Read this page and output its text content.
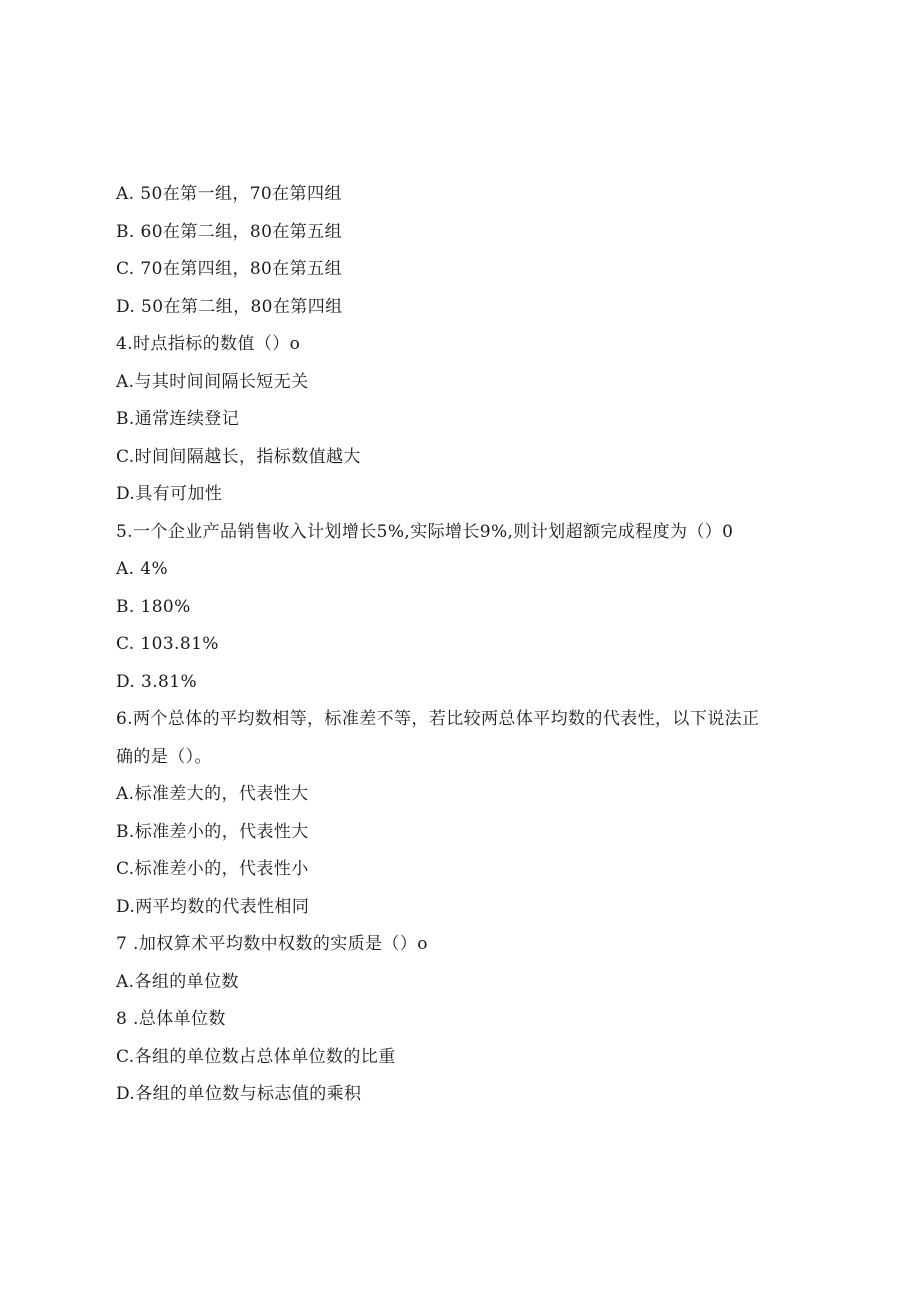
A. 50在第一组，70在第四组
B. 60在第二组，80在第五组
C. 70在第四组，80在第五组
D. 50在第二组，80在第四组
4.时点指标的数值（）o
A.与其时间间隔长短无关
B.通常连续登记
C.时间间隔越长，指标数值越大
D.具有可加性
5.一个企业产品销售收入计划增长5%,实际增长9%,则计划超额完成程度为（）0
A. 4%
B. 180%
C. 103.81%
D. 3.81%
6.两个总体的平均数相等，标准差不等，若比较两总体平均数的代表性，以下说法正
确的是（）。
A.标准差大的，代表性大
B.标准差小的，代表性大
C.标准差小的，代表性小
D.两平均数的代表性相同
7 .加权算术平均数中权数的实质是（）o
A.各组的单位数
8 .总体单位数
C.各组的单位数占总体单位数的比重
D.各组的单位数与标志值的乘积
